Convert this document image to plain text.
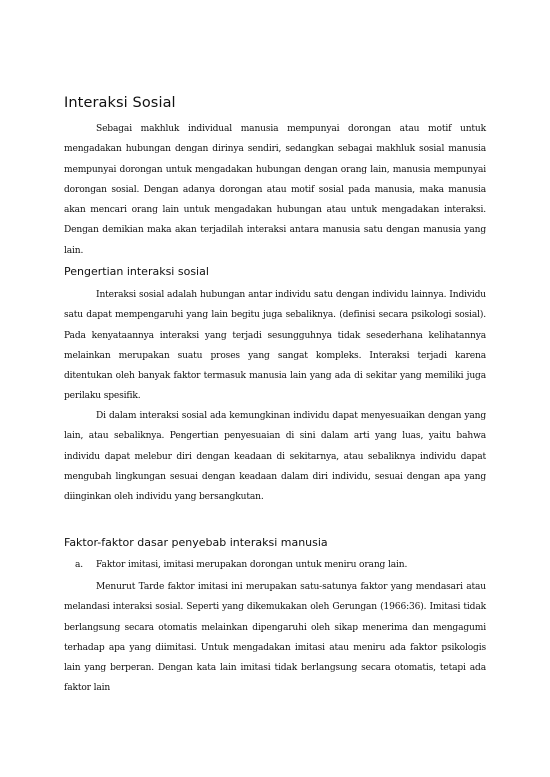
Interaksi Sosial

Sebagai makhluk individual manusia mempunyai dorongan atau motif untuk mengadakan hubungan dengan dirinya sendiri, sedangkan sebagai makhluk sosial manusia mempunyai dorongan untuk mengadakan hubungan dengan orang lain, manusia mempunyai dorongan sosial. Dengan adanya dorongan atau motif sosial pada manusia, maka manusia akan mencari orang lain untuk mengadakan hubungan atau untuk mengadakan interaksi. Dengan demikian maka akan terjadilah interaksi antara manusia satu dengan manusia yang lain.

Pengertian interaksi sosial

Interaksi sosial adalah hubungan antar individu satu dengan individu lainnya. Individu satu dapat mempengaruhi yang lain begitu juga sebaliknya. (definisi secara psikologi sosial). Pada kenyataannya interaksi yang terjadi sesungguhnya tidak sesederhana kelihatannya melainkan merupakan suatu proses yang sangat kompleks. Interaksi terjadi karena ditentukan oleh banyak faktor termasuk manusia lain yang ada di sekitar yang memiliki juga perilaku spesifik.

Di dalam interaksi sosial ada kemungkinan individu dapat menyesuaikan dengan yang lain, atau sebaliknya. Pengertian penyesuaian di sini dalam arti yang luas, yaitu bahwa individu dapat melebur diri dengan keadaan di sekitarnya, atau sebaliknya individu dapat mengubah lingkungan sesuai dengan keadaan dalam diri individu, sesuai dengan apa yang diinginkan oleh individu yang bersangkutan.

Faktor-faktor dasar penyebab interaksi manusia
a. Faktor imitasi, imitasi merupakan dorongan untuk meniru orang lain.

Menurut Tarde faktor imitasi ini merupakan satu-satunya faktor yang mendasari atau melandasi interaksi sosial. Seperti yang dikemukakan oleh Gerungan (1966:36). Imitasi tidak berlangsung secara otomatis melainkan dipengaruhi oleh sikap menerima dan mengagumi terhadap apa yang diimitasi. Untuk mengadakan imitasi atau meniru ada faktor psikologis lain yang berperan. Dengan kata lain imitasi tidak berlangsung secara otomatis, tetapi ada faktor lain
